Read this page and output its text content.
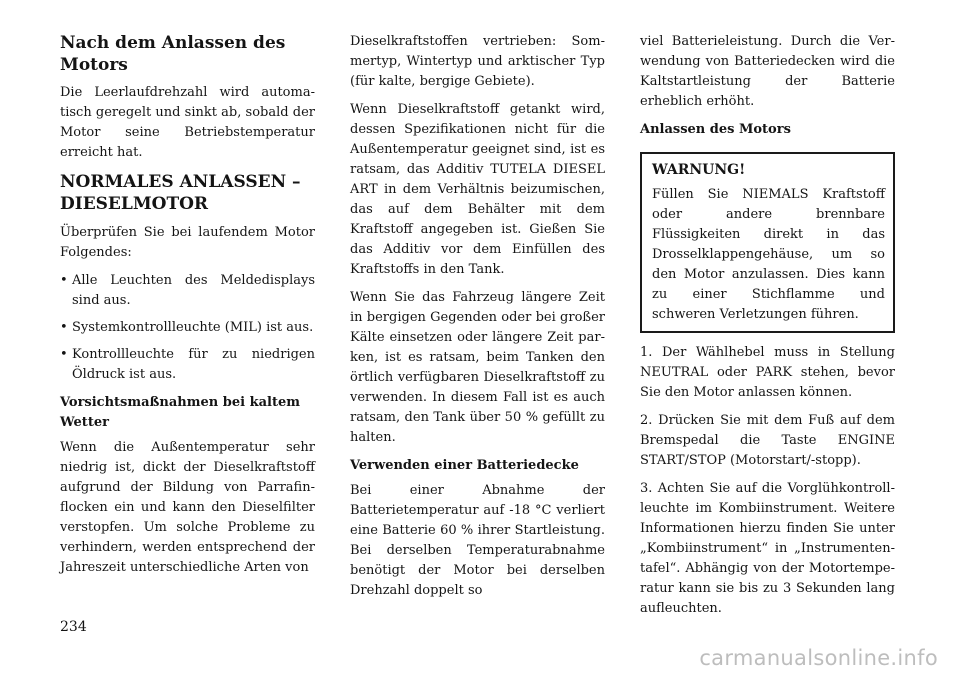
Nach dem Anlassen des Motors

Die Leerlaufdrehzahl wird automatisch geregelt und sinkt ab, sobald der Motor seine Betriebstemperatur erreicht hat.

NORMALES ANLASSEN – DIESELMOTOR

Überprüfen Sie bei laufendem Motor Folgendes:

• Alle Leuchten des Meldedisplays sind aus.
• Systemkontrollleuchte (MIL) ist aus.
• Kontrollleuchte für zu niedrigen Öldruck ist aus.
Vorsichtsmaßnahmen bei kaltem Wetter

Wenn die Außentemperatur sehr niedrig ist, dickt der Dieselkraftstoff aufgrund der Bildung von Parrafinflocken ein und kann den Dieselfilter verstopfen. Um solche Probleme zu verhindern, werden entsprechend der Jahreszeit unterschiedliche Arten von

Dieselkraftstoffen vertrieben: Sommertyp, Wintertyp und arktischer Typ (für kalte, bergige Gebiete).

Wenn Dieselkraftstoff getankt wird, dessen Spezifikationen nicht für die Außentemperatur geeignet sind, ist es ratsam, das Additiv TUTELA DIESEL ART in dem Verhältnis beizumischen, das auf dem Behälter mit dem Kraftstoff angegeben ist. Gießen Sie das Additiv vor dem Einfüllen des Kraftstoffs in den Tank.

Wenn Sie das Fahrzeug längere Zeit in bergigen Gegenden oder bei großer Kälte einsetzen oder längere Zeit parken, ist es ratsam, beim Tanken den örtlich verfügbaren Dieselkraftstoff zu verwenden. In diesem Fall ist es auch ratsam, den Tank über 50 % gefüllt zu halten.

Verwenden einer Batteriedecke

Bei einer Abnahme der Batterietemperatur auf -18 °C verliert eine Batterie 60 % ihrer Startleistung. Bei derselben Temperaturabnahme benötigt der Motor bei derselben Drehzahl doppelt so

viel Batterieleistung. Durch die Verwendung von Batteriedecken wird die Kaltstartleistung der Batterie erheblich erhöht.

Anlassen des Motors
WARNUNG!

Füllen Sie NIEMALS Kraftstoff oder andere brennbare Flüssigkeiten direkt in das Drosselklappengehäuse, um so den Motor anzulassen. Dies kann zu einer Stichflamme und schweren Verletzungen führen.

1. Der Wählhebel muss in Stellung NEUTRAL oder PARK stehen, bevor Sie den Motor anlassen können.

2. Drücken Sie mit dem Fuß auf dem Bremspedal die Taste ENGINE START/STOP (Motorstart/-stopp).

3. Achten Sie auf die Vorglühkontrollleuchte im Kombiinstrument. Weitere Informationen hierzu finden Sie unter „Kombiinstrument“ in „Instrumententafel“. Abhängig von der Motortemperatur kann sie bis zu 3 Sekunden lang aufleuchten.

234
carmanualsonline.info
